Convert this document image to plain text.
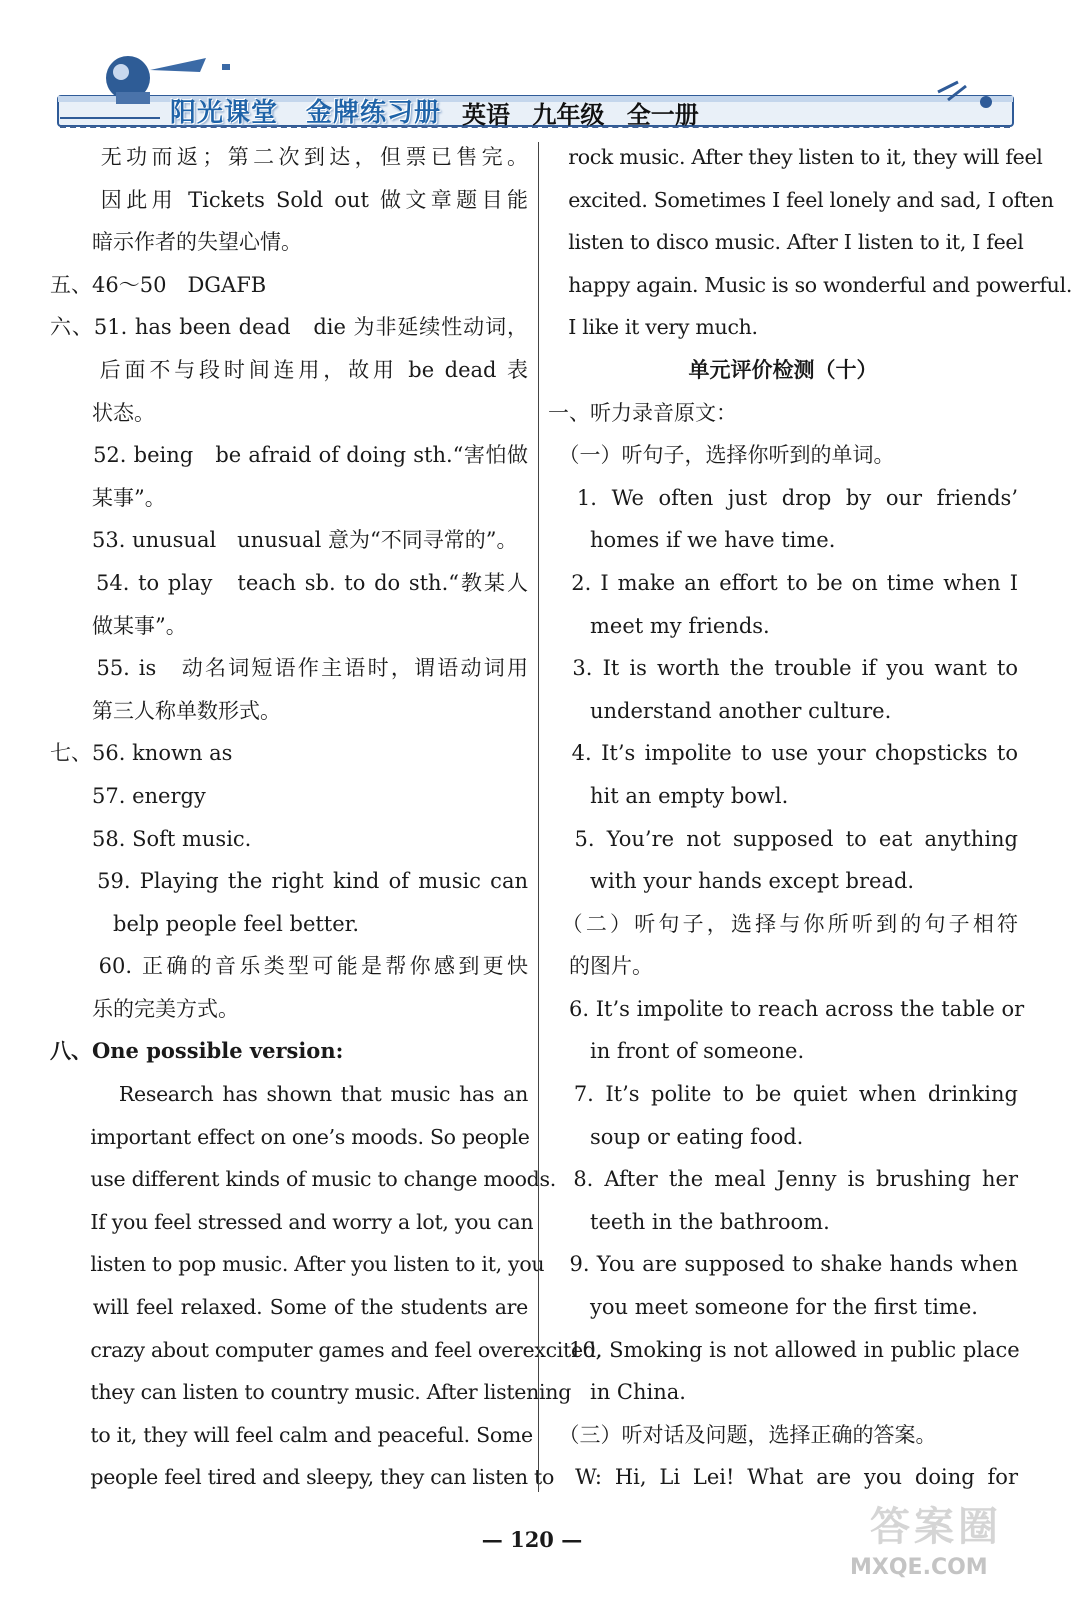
阳光课堂 金牌练习册 英语 九年级 全一册
　　无功而返；第二次到达，但票已售完。
　　因此用 Tickets Sold out 做文章题目能
　　暗示作者的失望心情。
五、46～50　DGAFB
六、51. has been dead　die 为非延续性动词，
　　后面不与段时间连用，故用 be dead 表
　　状态。
　　52. being　be afraid of doing sth.“害怕做
　　某事”。
　　53. unusual　unusual 意为“不同寻常的”。
　　54. to play　teach sb. to do sth.“教某人
　　做某事”。
　　55. is　动名词短语作主语时，谓语动词用
　　第三人称单数形式。
七、56. known as
　　57. energy
　　58. Soft music.
　　59. Playing the right kind of music can
　　　belp people feel better.
　　60. 正确的音乐类型可能是帮你感到更快
　　乐的完美方式。
八、One possible version:
　　　Research has shown that music has an
　　important effect on one’s moods. So people
　　use different kinds of music to change moods.
　　If you feel stressed and worry a lot, you can
　　listen to pop music. After you listen to it, you
　　will feel relaxed. Some of the students are
　　crazy about computer games and feel overexcited,
　　they can listen to country music. After listening
　　to it, they will feel calm and peaceful. Some
　　people feel tired and sleepy, they can listen to
　rock music. After they listen to it, they will feel
　excited. Sometimes I feel lonely and sad, I often
　listen to disco music. After I listen to it, I feel
　happy again. Music is so wonderful and powerful.
　I like it very much.
单元评价检测（十）
一、听力录音原文：
　（一）听句子，选择你听到的单词。
　1. We often just drop by our friends’
　　homes if we have time.
　2. I make an effort to be on time when I
　　meet my friends.
　3. It is worth the trouble if you want to
　　understand another culture.
　4. It’s impolite to use your chopsticks to
　　hit an empty bowl.
　5. You’re not supposed to eat anything
　　with your hands except bread.
　（二）听句子，选择与你所听到的句子相符
　的图片。
　6. It’s impolite to reach across the table or
　　in front of someone.
　7. It’s polite to be quiet when drinking
　　soup or eating food.
　8. After the meal Jenny is brushing her
　　teeth in the bathroom.
　9. You are supposed to shake hands when
　　you meet someone for the first time.
　10. Smoking is not allowed in public place
　　in China.
　（三）听对话及问题，选择正确的答案。
　W: Hi, Li Lei! What are you doing for
— 120 —	答案圈
MXQE.COM
